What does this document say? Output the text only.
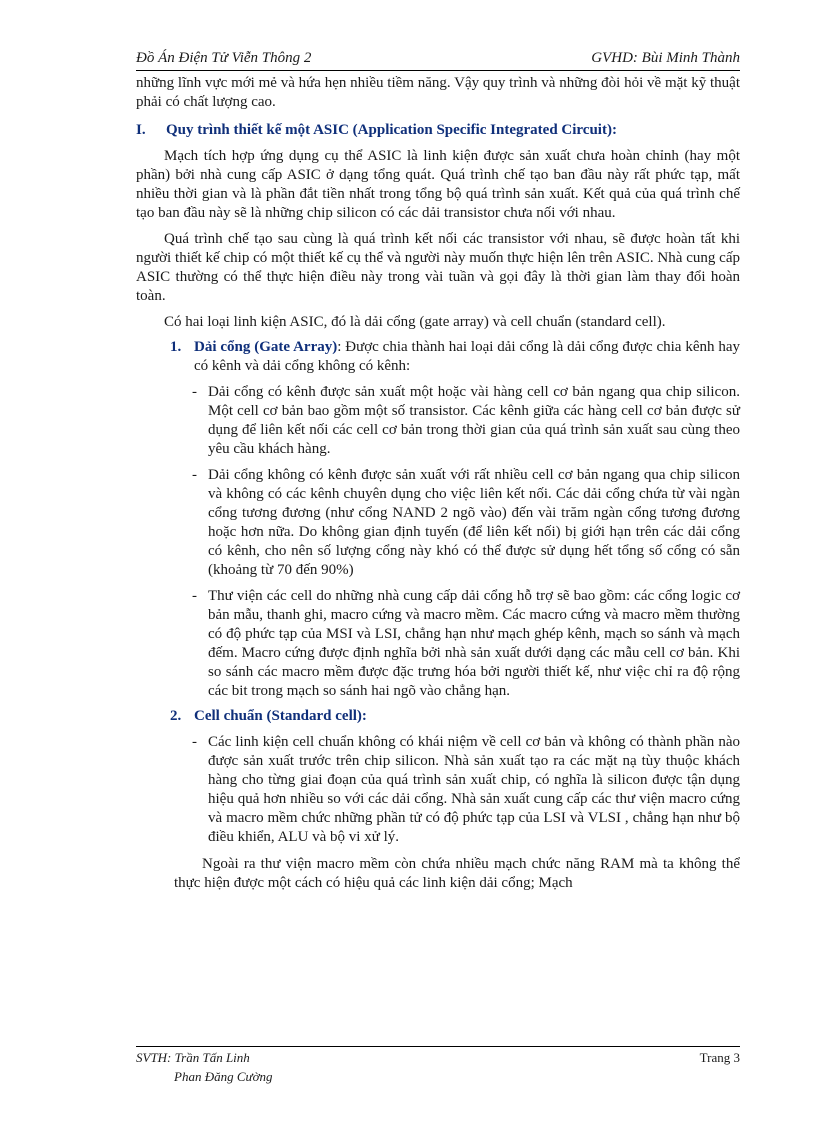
Đồ Án Điện Tử Viễn Thông 2	GVHD: Bùi Minh Thành

những lĩnh vực mới mẻ và hứa hẹn nhiều tiềm năng. Vậy quy trình và những đòi hỏi về mặt kỹ thuật phải có chất lượng cao.

I. Quy trình thiết kế một ASIC (Application Specific Integrated Circuit):

Mạch tích hợp ứng dụng cụ thể ASIC là linh kiện được sản xuất chưa hoàn chỉnh (hay một phần) bởi nhà cung cấp ASIC ở dạng tổng quát. Quá trình chế tạo ban đầu này rất phức tạp, mất nhiều thời gian và là phần đắt tiền nhất trong tổng bộ quá trình sản xuất. Kết quả của quá trình chế tạo ban đầu này sẽ là những chip silicon có các dải transistor chưa nối với nhau.

Quá trình chế tạo sau cùng là quá trình kết nối các transistor với nhau, sẽ được hoàn tất khi người thiết kế chip có một thiết kế cụ thể và người này muốn thực hiện lên trên ASIC. Nhà cung cấp ASIC thường có thể thực hiện điều này trong vài tuần và gọi đây là thời gian làm thay đổi hoàn toàn.

Có hai loại linh kiện ASIC, đó là dải cổng (gate array) và cell chuẩn (standard cell).

1. Dải cổng (Gate Array): Được chia thành hai loại dải cổng là dải cổng được chia kênh hay có kênh và dải cổng không có kênh:

- Dải cổng có kênh được sản xuất một hoặc vài hàng cell cơ bản ngang qua chip silicon. Một cell cơ bản bao gồm một số transistor. Các kênh giữa các hàng cell cơ bản được sử dụng để liên kết nối các cell cơ bản trong thời gian của quá trình sản xuất sau cùng theo yêu cầu khách hàng.

- Dải cổng không có kênh được sản xuất với rất nhiều cell cơ bản ngang qua chip silicon và không có các kênh chuyên dụng cho việc liên kết nối. Các dải cổng chứa từ vài ngàn cổng tương đương (như cổng NAND 2 ngõ vào) đến vài trăm ngàn cổng tương đương hoặc hơn nữa. Do không gian định tuyến (để liên kết nối) bị giới hạn trên các dải cổng có kênh, cho nên số lượng cổng này khó có thể được sử dụng hết tổng số cổng có sẵn (khoảng từ 70 đến 90%)

- Thư viện các cell do những nhà cung cấp dải cổng hỗ trợ sẽ bao gồm: các cổng logic cơ bản mẫu, thanh ghi, macro cứng và macro mềm. Các macro cứng và macro mềm thường có độ phức tạp của MSI và LSI, chẳng hạn như mạch ghép kênh, mạch so sánh và mạch đếm. Macro cứng được định nghĩa bởi nhà sản xuất dưới dạng các mẫu cell cơ bản. Khi so sánh các macro mềm được đặc trưng hóa bởi người thiết kế, như việc chỉ ra độ rộng các bit trong mạch so sánh hai ngõ vào chẳng hạn.

2. Cell chuẩn (Standard cell):

- Các linh kiện cell chuẩn không có khái niệm về cell cơ bản và không có thành phần nào được sản xuất trước trên chip silicon. Nhà sản xuất tạo ra các mặt nạ tùy thuộc khách hàng cho từng giai đoạn của quá trình sản xuất chip, có nghĩa là silicon được tận dụng hiệu quả hơn nhiều so với các dải cổng. Nhà sản xuất cung cấp các thư viện macro cứng và macro mềm chức những phần tử có độ phức tạp của LSI và VLSI , chẳng hạn như bộ điều khiển, ALU và bộ vi xử lý.

Ngoài ra thư viện macro mềm còn chứa nhiều mạch chức năng RAM mà ta không thể thực hiện được một cách có hiệu quả các linh kiện dải cổng; Mạch

SVTH: Trần Tấn Linh
Phan Đăng Cường
Trang 3
